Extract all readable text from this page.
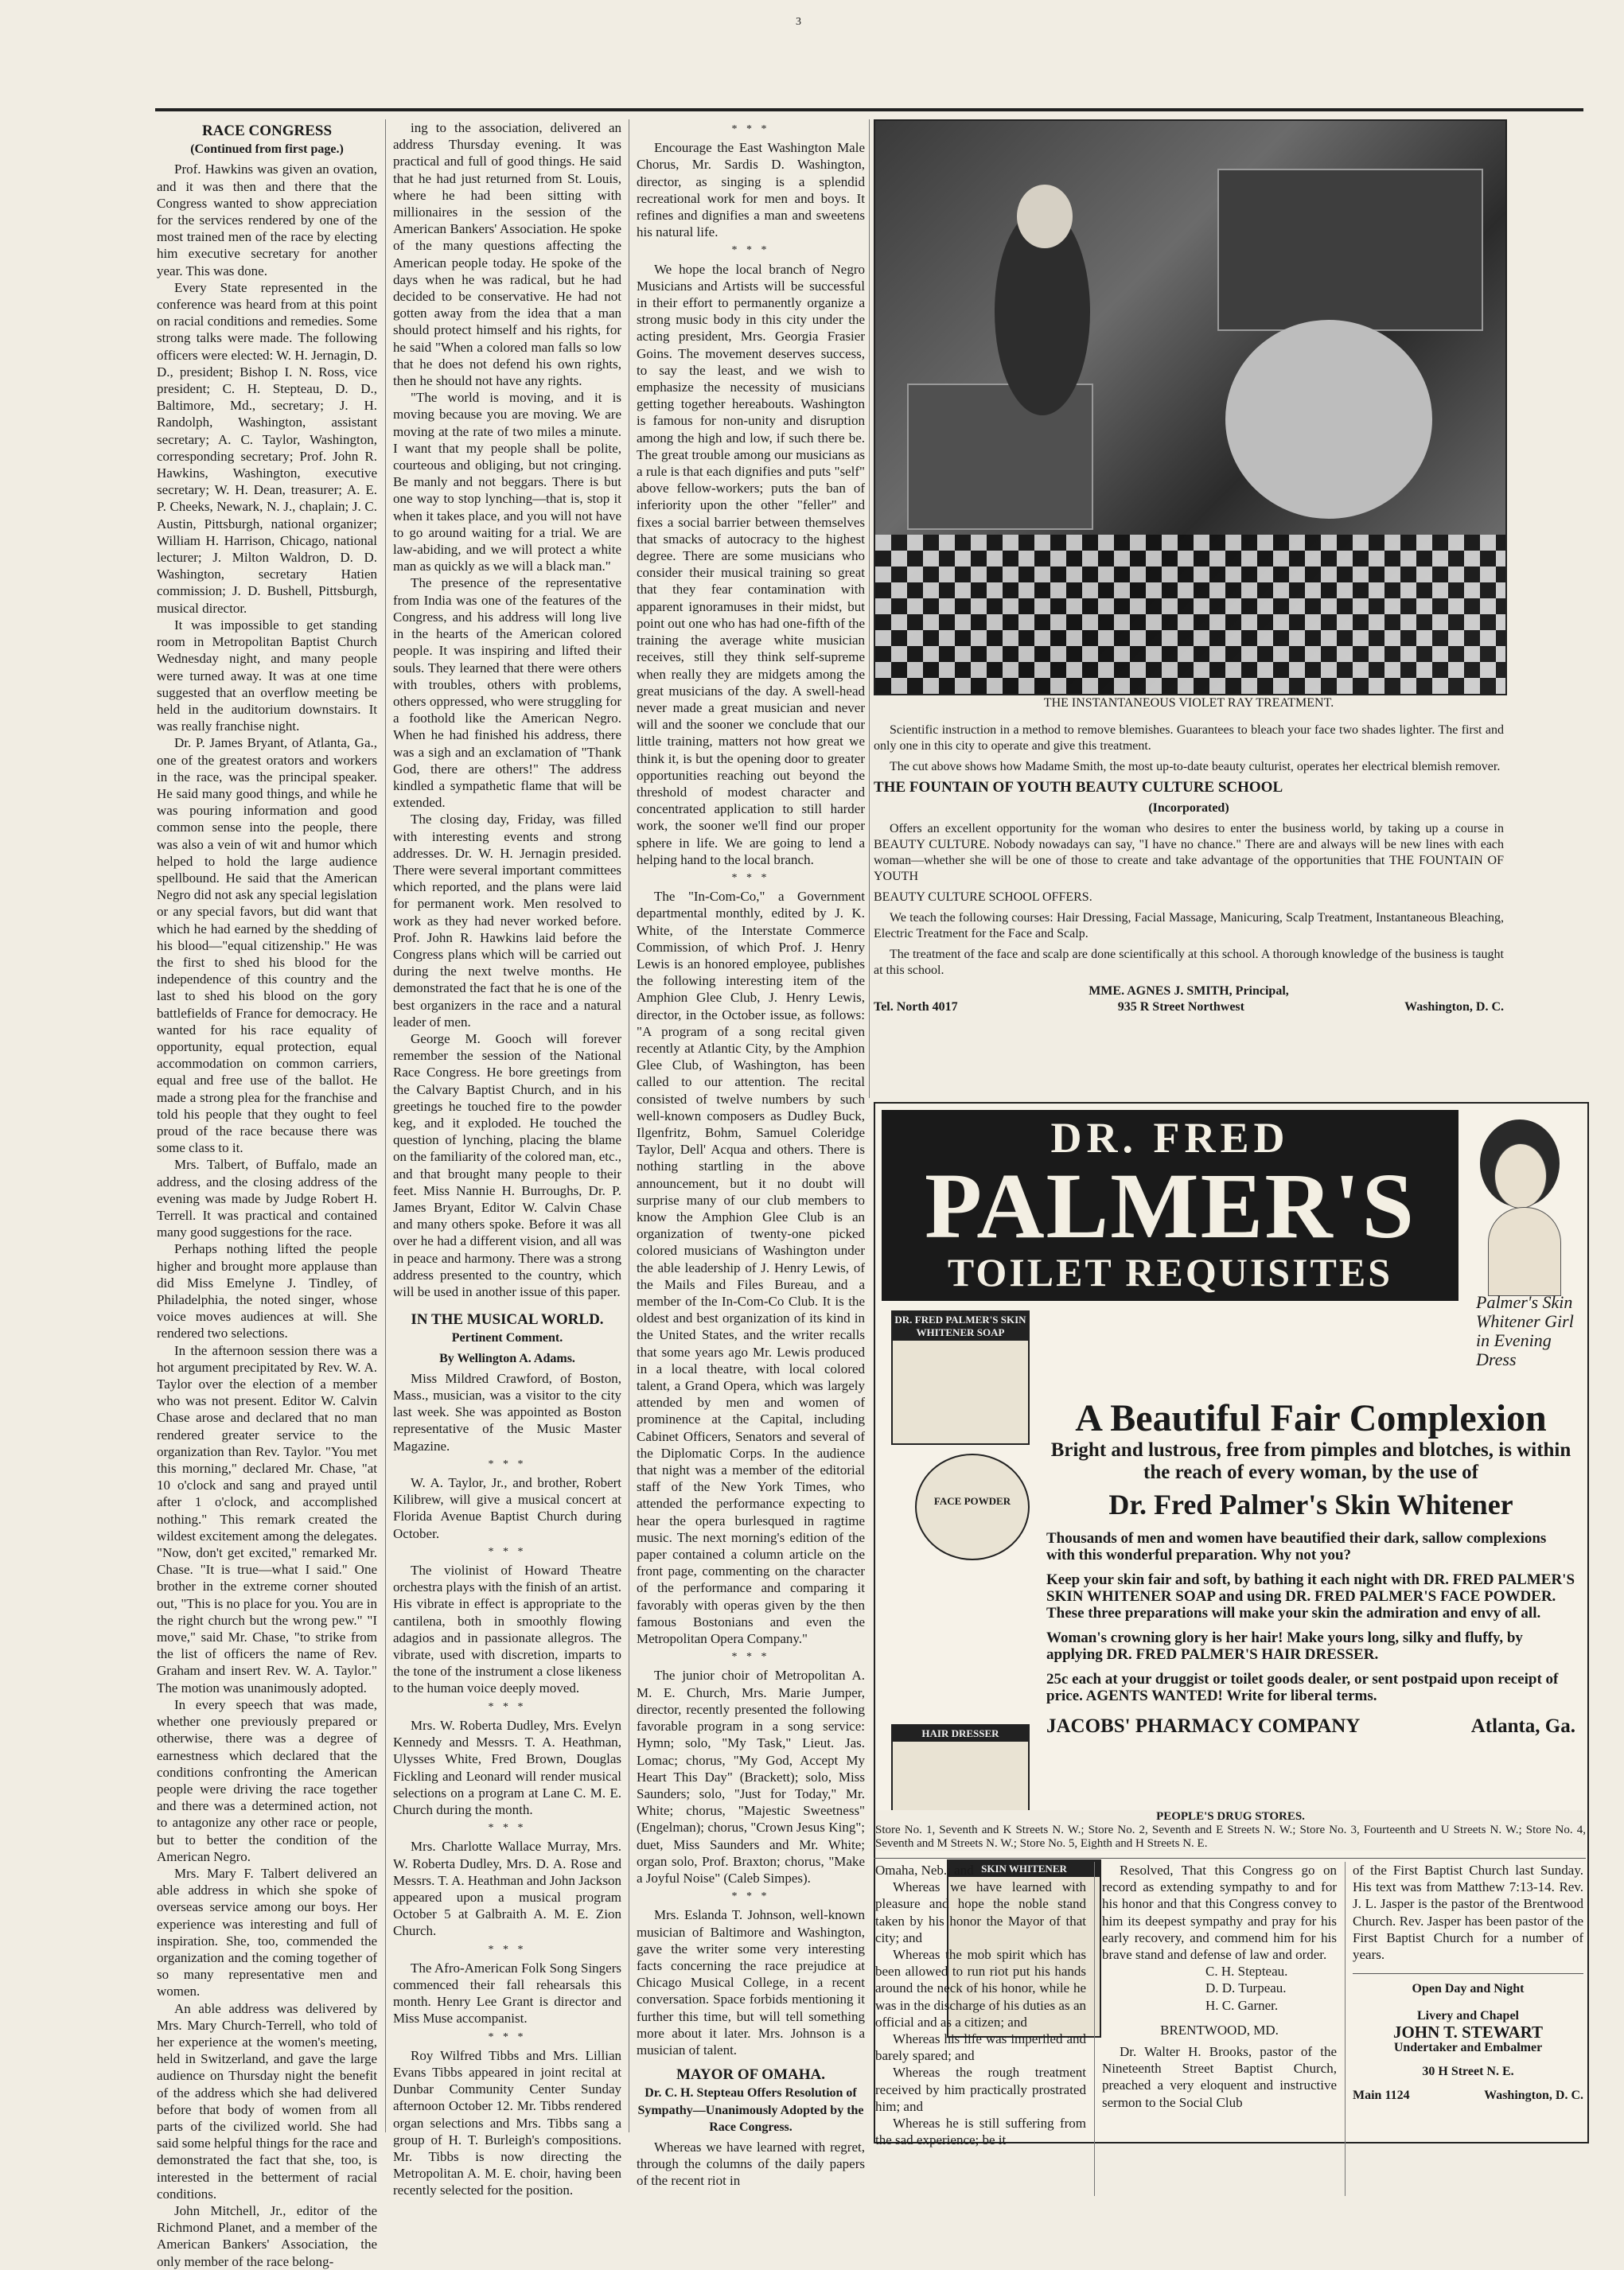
3
RACE CONGRESS

(Continued from first page.)

Prof. Hawkins was given an ovation, and it was then and there that the Congress wanted to show appreciation for the services rendered by one of the most trained men of the race by electing him executive secretary for another year. This was done.

Every State represented in the conference was heard from at this point on racial conditions and remedies. Some strong talks were made. The following officers were elected: W. H. Jernagin, D. D., president; Bishop I. N. Ross, vice president; C. H. Stepteau, D. D., Baltimore, Md., secretary; J. H. Randolph, Washington, assistant secretary; A. C. Taylor, Washington, corresponding secretary; Prof. John R. Hawkins, Washington, executive secretary; W. H. Dean, treasurer; A. E. P. Cheeks, Newark, N. J., chaplain; J. C. Austin, Pittsburgh, national organizer; William H. Harrison, Chicago, national lecturer; J. Milton Waldron, D. D. Washington, secretary Hatien commission; J. D. Bushell, Pittsburgh, musical director.

It was impossible to get standing room in Metropolitan Baptist Church Wednesday night, and many people were turned away. It was at one time suggested that an overflow meeting be held in the auditorium downstairs. It was really franchise night.

Dr. P. James Bryant, of Atlanta, Ga., one of the greatest orators and workers in the race, was the principal speaker. He said many good things, and while he was pouring information and good common sense into the people, there was also a vein of wit and humor which helped to hold the large audience spellbound. He said that the American Negro did not ask any special legislation or any special favors, but did want that which he had earned by the shedding of his blood—"equal citizenship." He was the first to shed his blood for the independence of this country and the last to shed his blood on the gory battlefields of France for democracy. He wanted for his race equality of opportunity, equal protection, equal accommodation on common carriers, equal and free use of the ballot. He made a strong plea for the franchise and told his people that they ought to feel proud of the race because there was some class to it.

Mrs. Talbert, of Buffalo, made an address, and the closing address of the evening was made by Judge Robert H. Terrell. It was practical and contained many good suggestions for the race.

Perhaps nothing lifted the people higher and brought more applause than did Miss Emelyne J. Tindley, of Philadelphia, the noted singer, whose voice moves audiences at will. She rendered two selections.

In the afternoon session there was a hot argument precipitated by Rev. W. A. Taylor over the election of a member who was not present. Editor W. Calvin Chase arose and declared that no man rendered greater service to the organization than Rev. Taylor. "You met this morning," declared Mr. Chase, "at 10 o'clock and sang and prayed until after 1 o'clock, and accomplished nothing." This remark created the wildest excitement among the delegates. "Now, don't get excited," remarked Mr. Chase. "It is true—what I said." One brother in the extreme corner shouted out, "This is no place for you. You are in the right church but the wrong pew." "I move," said Mr. Chase, "to strike from the list of officers the name of Rev. Graham and insert Rev. W. A. Taylor." The motion was unanimously adopted.

In every speech that was made, whether one previously prepared or otherwise, there was a degree of earnestness which declared that the conditions confronting the American people were driving the race together and there was a determined action, not to antagonize any other race or people, but to better the condition of the American Negro.

Mrs. Mary F. Talbert delivered an able address in which she spoke of overseas service among our boys. Her experience was interesting and full of inspiration. She, too, commended the organization and the coming together of so many representative men and women.

An able address was delivered by Mrs. Mary Church-Terrell, who told of her experience at the women's meeting, held in Switzerland, and gave the large audience on Thursday night the benefit of the address which she had delivered before that body of women from all parts of the civilized world. She had said some helpful things for the race and demonstrated the fact that she, too, is interested in the betterment of racial conditions.

John Mitchell, Jr., editor of the Richmond Planet, and a member of the American Bankers' Association, the only member of the race belong-

ing to the association, delivered an address Thursday evening. It was practical and full of good things. He said that he had just returned from St. Louis, where he had been sitting with millionaires in the session of the American Bankers' Association. He spoke of the many questions affecting the American people today. He spoke of the days when he was radical, but he had decided to be conservative. He had not gotten away from the idea that a man should protect himself and his rights, for he said "When a colored man falls so low that he does not defend his own rights, then he should not have any rights.

"The world is moving, and it is moving because you are moving. We are moving at the rate of two miles a minute. I want that my people shall be polite, courteous and obliging, but not cringing. Be manly and not beggars. There is but one way to stop lynching—that is, stop it when it takes place, and you will not have to go around waiting for a trial. We are law-abiding, and we will protect a white man as quickly as we will a black man."

The presence of the representative from India was one of the features of the Congress, and his address will long live in the hearts of the American colored people. It was inspiring and lifted their souls. They learned that there were others with troubles, others with problems, others oppressed, who were struggling for a foothold like the American Negro. When he had finished his address, there was a sigh and an exclamation of "Thank God, there are others!" The address kindled a sympathetic flame that will be extended.

The closing day, Friday, was filled with interesting events and strong addresses. Dr. W. H. Jernagin presided. There were several important committees which reported, and the plans were laid for permanent work. Men resolved to work as they had never worked before. Prof. John R. Hawkins laid before the Congress plans which will be carried out during the next twelve months. He demonstrated the fact that he is one of the best organizers in the race and a natural leader of men.

George M. Gooch will forever remember the session of the National Race Congress. He bore greetings from the Calvary Baptist Church, and in his greetings he touched fire to the powder keg, and it exploded. He touched the question of lynching, placing the blame on the familiarity of the colored man, etc., and that brought many people to their feet. Miss Nannie H. Burroughs, Dr. P. James Bryant, Editor W. Calvin Chase and many others spoke. Before it was all over he had a different vision, and all was in peace and harmony. There was a strong address presented to the country, which will be used in another issue of this paper.

IN THE MUSICAL WORLD.

Pertinent Comment.

By Wellington A. Adams.

Miss Mildred Crawford, of Boston, Mass., musician, was a visitor to the city last week. She was appointed as Boston representative of the Music Master Magazine.

* * *

W. A. Taylor, Jr., and brother, Robert Kilibrew, will give a musical concert at Florida Avenue Baptist Church during October.

* * *

The violinist of Howard Theatre orchestra plays with the finish of an artist. His vibrate in effect is appropriate to the cantilena, both in smoothly flowing adagios and in passionate allegros. The vibrate, used with discretion, imparts to the tone of the instrument a close likeness to the human voice deeply moved.

* * *

Mrs. W. Roberta Dudley, Mrs. Evelyn Kennedy and Messrs. T. A. Heathman, Ulysses White, Fred Brown, Douglas Fickling and Leonard will render musical selections on a program at Lane C. M. E. Church during the month.

* * *

Mrs. Charlotte Wallace Murray, Mrs. W. Roberta Dudley, Mrs. D. A. Rose and Messrs. T. A. Heathman and John Jackson appeared upon a musical program October 5 at Galbraith A. M. E. Zion Church.

* * *

The Afro-American Folk Song Singers commenced their fall rehearsals this month. Henry Lee Grant is director and Miss Muse accompanist.

* * *

Roy Wilfred Tibbs and Mrs. Lillian Evans Tibbs appeared in joint recital at Dunbar Community Center Sunday afternoon October 12. Mr. Tibbs rendered organ selections and Mrs. Tibbs sang a group of H. T. Burleigh's compositions. Mr. Tibbs is now directing the Metropolitan A. M. E. choir, having been recently selected for the position.

* * *

Encourage the East Washington Male Chorus, Mr. Sardis D. Washington, director, as singing is a splendid recreational work for men and boys. It refines and dignifies a man and sweetens his natural life.

* * *

We hope the local branch of Negro Musicians and Artists will be successful in their effort to permanently organize a strong music body in this city under the acting president, Mrs. Georgia Frasier Goins. The movement deserves success, to say the least, and we wish to emphasize the necessity of musicians getting together hereabouts. Washington is famous for non-unity and disruption among the high and low, if such there be. The great trouble among our musicians as a rule is that each dignifies and puts "self" above fellow-workers; puts the ban of inferiority upon the other "feller" and fixes a social barrier between themselves that smacks of autocracy to the highest degree. There are some musicians who consider their musical training so great that they fear contamination with apparent ignoramuses in their midst, but point out one who has had one-fifth of the training the average white musician receives, still they think self-supreme when really they are midgets among the great musicians of the day. A swell-head never made a great musician and never will and the sooner we conclude that our little training, matters not how great we think it, is but the opening door to greater opportunities reaching out beyond the threshold of modest character and concentrated application to still harder work, the sooner we'll find our proper sphere in life. We are going to lend a helping hand to the local branch.

* * *

The "In-Com-Co," a Government departmental monthly, edited by J. K. White, of the Interstate Commerce Commission, of which Prof. J. Henry Lewis is an honored employee, publishes the following interesting item of the Amphion Glee Club, J. Henry Lewis, director, in the October issue, as follows: "A program of a song recital given recently at Atlantic City, by the Amphion Glee Club, of Washington, has been called to our attention. The recital consisted of twelve numbers by such well-known composers as Dudley Buck, Ilgenfritz, Bohm, Samuel Coleridge Taylor, Dell' Acqua and others. There is nothing startling in the above announcement, but it no doubt will surprise many of our club members to know the Amphion Glee Club is an organization of twenty-one picked colored musicians of Washington under the able leadership of J. Henry Lewis, of the Mails and Files Bureau, and a member of the In-Com-Co Club. It is the oldest and best organization of its kind in the United States, and the writer recalls that some years ago Mr. Lewis produced in a local theatre, with local colored talent, a Grand Opera, which was largely attended by men and women of prominence at the Capital, including Cabinet Officers, Senators and several of the Diplomatic Corps. In the audience that night was a member of the editorial staff of the New York Times, who attended the performance expecting to hear the opera burlesqued in ragtime music. The next morning's edition of the paper contained a column article on the front page, commenting on the character of the performance and comparing it favorably with operas given by the then famous Bostonians and even the Metropolitan Opera Company."

* * *

The junior choir of Metropolitan A. M. E. Church, Mrs. Marie Jumper, director, recently presented the following favorable program in a song service: Hymn; solo, "My Task," Lieut. Jas. Lomac; chorus, "My God, Accept My Heart This Day" (Brackett); solo, Miss Saunders; solo, "Just for Today," Mr. White; chorus, "Majestic Sweetness" (Engelman); chorus, "Crown Jesus King"; duet, Miss Saunders and Mr. White; organ solo, Prof. Braxton; chorus, "Make a Joyful Noise" (Caleb Simpes).

* * *

Mrs. Eslanda T. Johnson, well-known musician of Baltimore and Washington, gave the writer some very interesting facts concerning the race prejudice at Chicago Musical College, in a recent conversation. Space forbids mentioning it further this time, but will tell something more about it later. Mrs. Johnson is a musician of talent.

MAYOR OF OMAHA.

Dr. C. H. Stepteau Offers Resolution of Sympathy—Unanimously Adopted by the Race Congress.

Whereas we have learned with regret, through the columns of the daily papers of the recent riot in

THE INSTANTANEOUS VIOLET RAY TREATMENT.

Scientific instruction in a method to remove blemishes. Guarantees to bleach your face two shades lighter. The first and only one in this city to operate and give this treatment.

The cut above shows how Madame Smith, the most up-to-date beauty culturist, operates her electrical blemish remover.

THE FOUNTAIN OF YOUTH BEAUTY CULTURE SCHOOL

(Incorporated)

Offers an excellent opportunity for the woman who desires to enter the business world, by taking up a course in BEAUTY CULTURE. Nobody nowadays can say, "I have no chance." There are and always will be new lines with each woman—whether she will be one of those to create and take advantage of the opportunities that THE FOUNTAIN OF YOUTH

BEAUTY CULTURE SCHOOL OFFERS.

We teach the following courses: Hair Dressing, Facial Massage, Manicuring, Scalp Treatment, Instantaneous Bleaching, Electric Treatment for the Face and Scalp.

The treatment of the face and scalp are done scientifically at this school. A thorough knowledge of the business is taught at this school.

MME. AGNES J. SMITH, Principal,

Tel. North 4017	935 R Street Northwest	Washington, D. C.
DR. FRED
PALMER'S
TOILET REQUISITES
Palmer's Skin Whitener Girl in Evening Dress
DR. FRED PALMER'S SKIN WHITENER SOAP
FACE POWDER
HAIR DRESSER
SKIN WHITENER
A Beautiful Fair Complexion
Bright and lustrous, free from pimples and blotches, is within the reach of every woman, by the use of
Dr. Fred Palmer's Skin Whitener
Thousands of men and women have beautified their dark, sallow complexions with this wonderful preparation. Why not you?
Keep your skin fair and soft, by bathing it each night with DR. FRED PALMER'S SKIN WHITENER SOAP and using DR. FRED PALMER'S FACE POWDER. These three preparations will make your skin the admiration and envy of all.
Woman's crowning glory is her hair! Make yours long, silky and fluffy, by applying DR. FRED PALMER'S HAIR DRESSER.
25c each at your druggist or toilet goods dealer, or sent postpaid upon receipt of price. AGENTS WANTED! Write for liberal terms.
JACOBS' PHARMACY COMPANY	Atlanta, Ga.
PEOPLE'S DRUG STORES.
Store No. 1, Seventh and K Streets N. W.; Store No. 2, Seventh and E Streets N. W.; Store No. 3, Fourteenth and U Streets N. W.; Store No. 4, Seventh and M Streets N. W.; Store No. 5, Eighth and H Streets N. E.

Omaha, Neb.; and

Whereas we have learned with pleasure and hope the noble stand taken by his honor the Mayor of that city; and

Whereas the mob spirit which has been allowed to run riot put his hands around the neck of his honor, while he was in the discharge of his duties as an official and as a citizen; and

Whereas his life was imperiled and barely spared; and

Whereas the rough treatment received by him practically prostrated him; and

Whereas he is still suffering from the sad experience; be it

Resolved, That this Congress go on record as extending sympathy to and for his honor and that this Congress convey to him its deepest sympathy and pray for his early recovery, and commend him for his brave stand and defense of law and order.

C. H. Stepteau.

D. D. Turpeau.

H. C. Garner.

BRENTWOOD, MD.

Dr. Walter H. Brooks, pastor of the Nineteenth Street Baptist Church, preached a very eloquent and instructive sermon to the Social Club

of the First Baptist Church last Sunday. His text was from Matthew 7:13-14. Rev. J. L. Jasper is the pastor of the Brentwood Church. Rev. Jasper has been pastor of the First Baptist Church for a number of years.

Open Day and Night
Livery and Chapel
JOHN T. STEWART
Undertaker and Embalmer
30 H Street N. E.
Main 1124	Washington, D. C.
